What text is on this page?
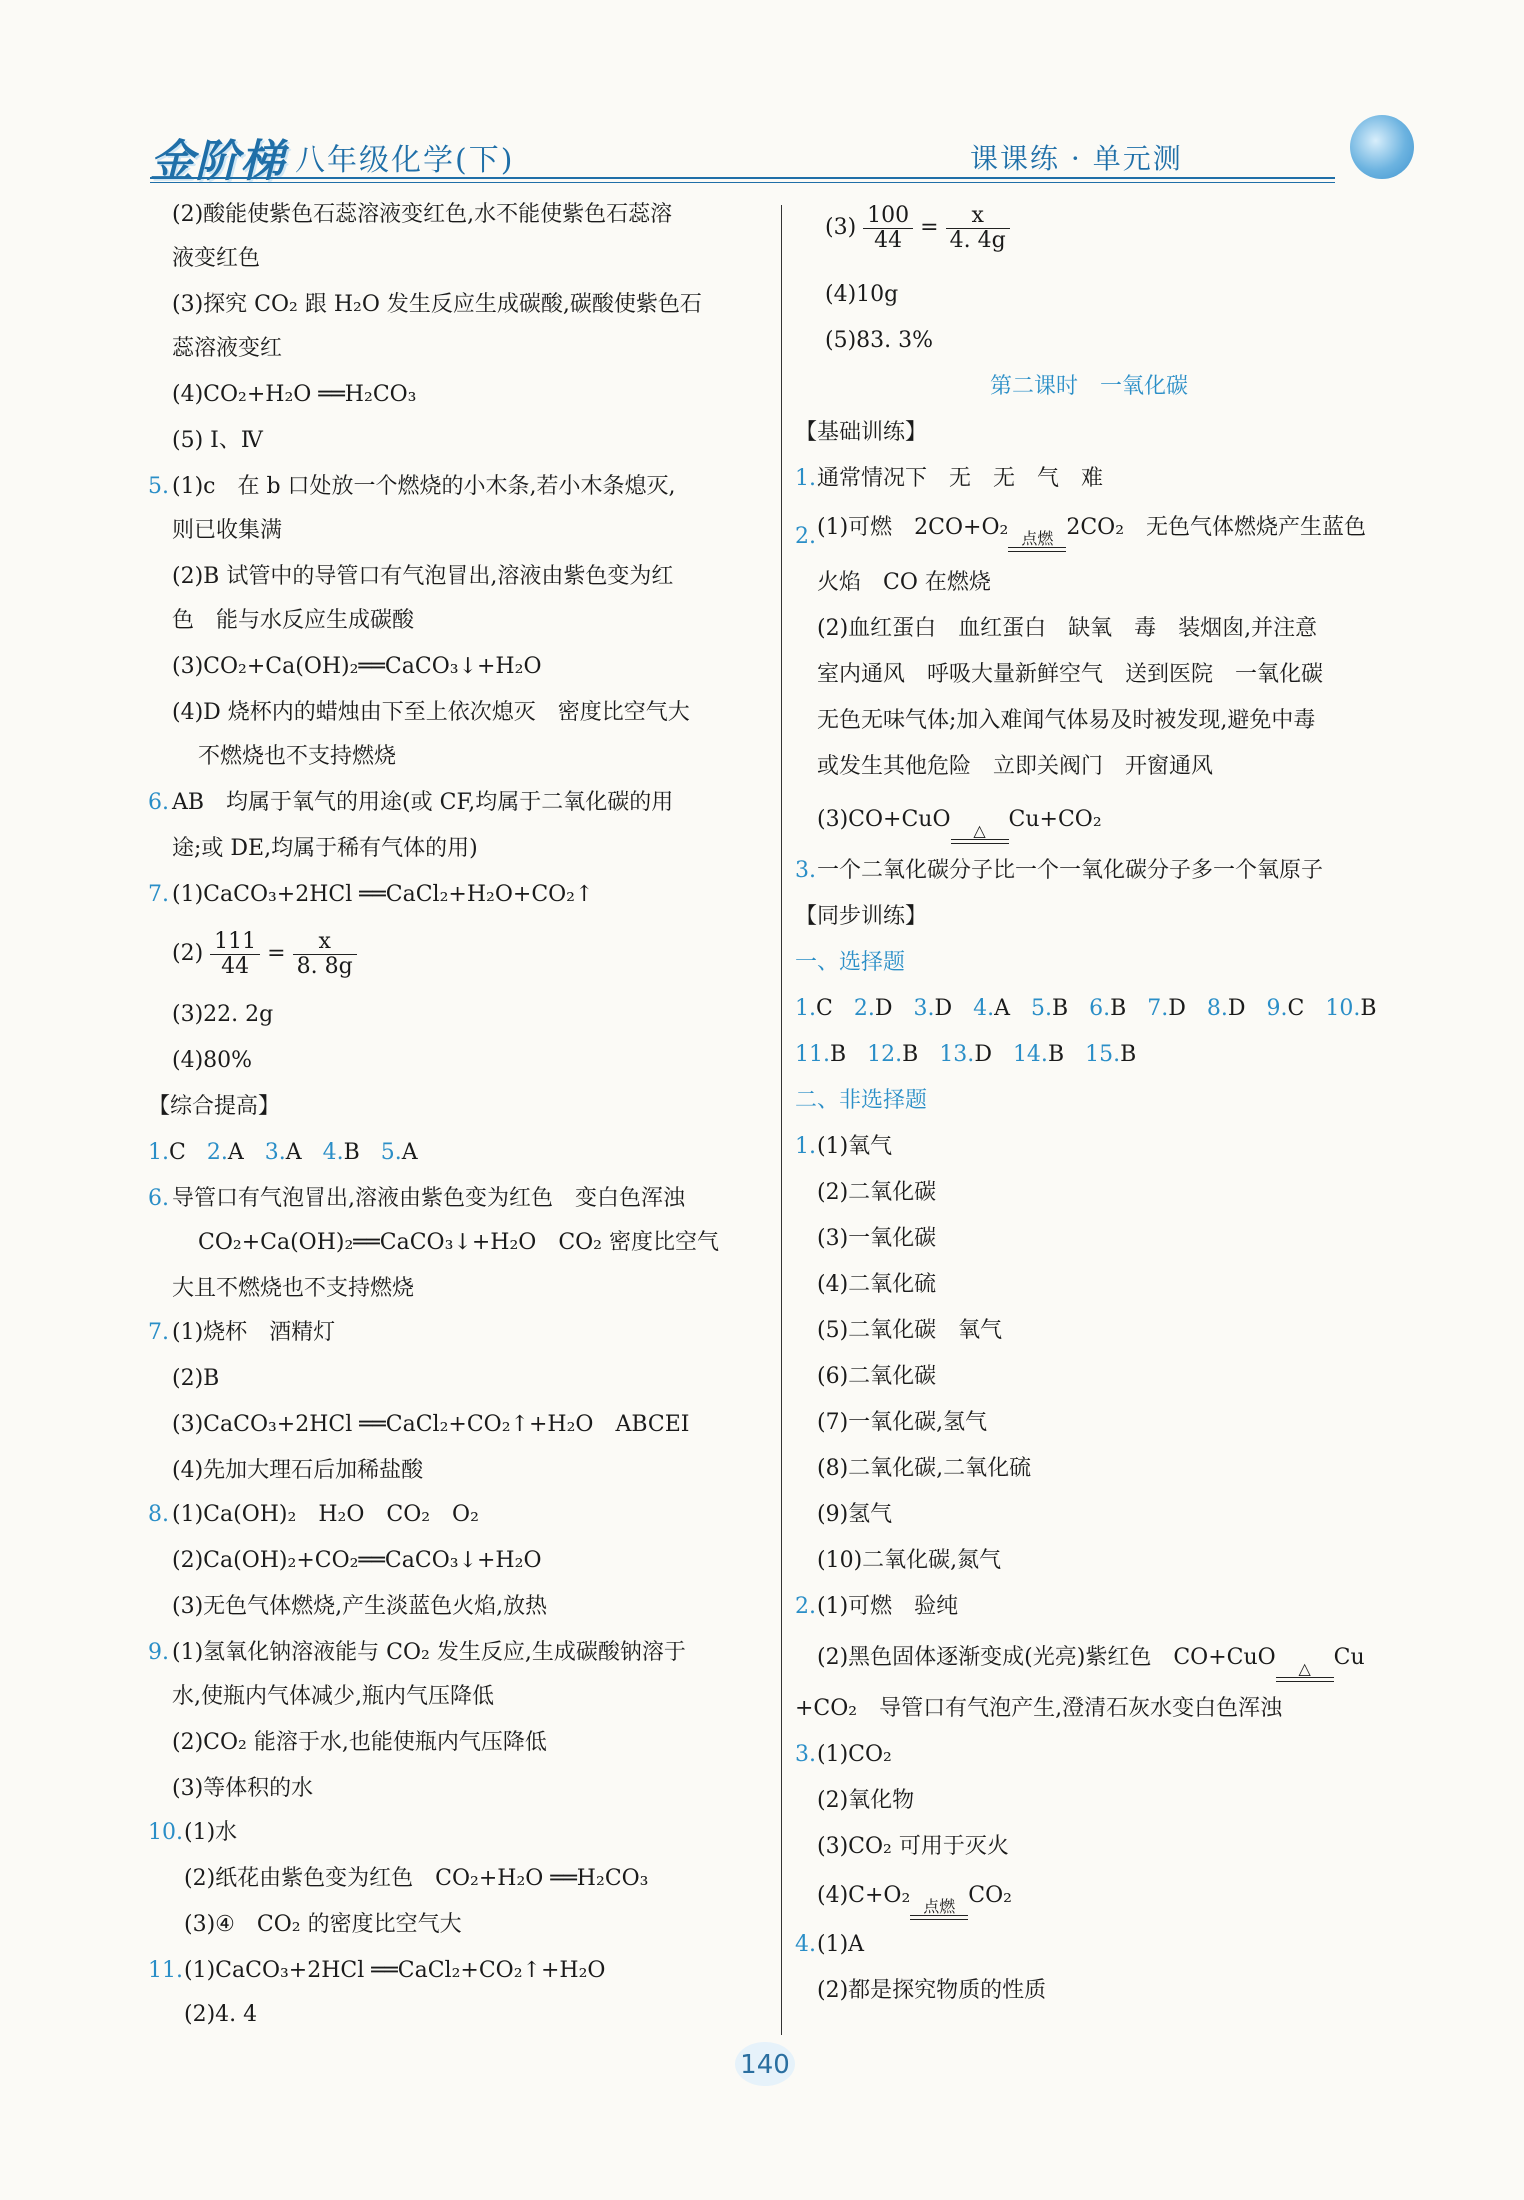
金阶梯 八年级化学(下)	课课练 · 单元测
(2)酸能使紫色石蕊溶液变红色,水不能使紫色石蕊溶
液变红色
(3)探究 CO₂ 跟 H₂O 发生反应生成碳酸,碳酸使紫色石
蕊溶液变红
(4)CO₂+H₂O ══H₂CO₃
(5) Ⅰ、Ⅳ
5. (1)c　在 b 口处放一个燃烧的小木条,若小木条熄灭,
则已收集满
(2)B 试管中的导管口有气泡冒出,溶液由紫色变为红
色　能与水反应生成碳酸
(3)CO₂+Ca(OH)₂══CaCO₃↓+H₂O
(4)D 烧杯内的蜡烛由下至上依次熄灭　密度比空气大
不燃烧也不支持燃烧
6. AB　均属于氧气的用途(或 CF,均属于二氧化碳的用
途;或 DE,均属于稀有气体的用)
7. (1)CaCO₃+2HCl ══CaCl₂+H₂O+CO₂↑
$(2) \frac{111}{44} = \frac{x}{8. 8g}$
(3)22. 2g
(4)80%
【综合提高】
1.C 2.A 3.A 4.B 5.A
6. 导管口有气泡冒出,溶液由紫色变为红色　变白色浑浊
CO₂+Ca(OH)₂══CaCO₃↓+H₂O　CO₂ 密度比空气
大且不燃烧也不支持燃烧
7. (1)烧杯　酒精灯
(2)B
(3)CaCO₃+2HCl ══CaCl₂+CO₂↑+H₂O　ABCEI
(4)先加大理石后加稀盐酸
8. (1)Ca(OH)₂　H₂O　CO₂　O₂
(2)Ca(OH)₂+CO₂══CaCO₃↓+H₂O
(3)无色气体燃烧,产生淡蓝色火焰,放热
9. (1)氢氧化钠溶液能与 CO₂ 发生反应,生成碳酸钠溶于
水,使瓶内气体减少,瓶内气压降低
(2)CO₂ 能溶于水,也能使瓶内气压降低
(3)等体积的水
10. (1)水
(2)纸花由紫色变为红色　CO₂+H₂O ══H₂CO₃
(3)④　CO₂ 的密度比空气大
11. (1)CaCO₃+2HCl ══CaCl₂+CO₂↑+H₂O
(2)4. 4
$(3) \frac{100}{44} = \frac{x}{4. 4g}$
(4)10g
(5)83. 3%
第二课时　一氧化碳
【基础训练】
1. 通常情况下　无　无　气　难
2. (1)可燃　2CO+O₂ 点燃 2CO₂　无色气体燃烧产生蓝色
火焰　CO 在燃烧
(2)血红蛋白　血红蛋白　缺氧　毒　装烟囱,并注意
室内通风　呼吸大量新鲜空气　送到医院　一氧化碳
无色无味气体;加入难闻气体易及时被发现,避免中毒
或发生其他危险　立即关阀门　开窗通风
(3)CO+CuO	△	Cu+CO₂
3. 一个二氧化碳分子比一个一氧化碳分子多一个氧原子
【同步训练】
一、选择题
1.C 2.D 3.D 4.A 5.B 6.B 7.D 8.D 9.C 10.B
11.B 12.B 13.D 14.B 15.B
二、非选择题
1. (1)氧气
(2)二氧化碳
(3)一氧化碳
(4)二氧化硫
(5)二氧化碳　氧气
(6)二氧化碳
(7)一氧化碳,氢气
(8)二氧化碳,二氧化硫
(9)氢气
(10)二氧化碳,氮气
2. (1)可燃　验纯
(2)黑色固体逐渐变成(光亮)紫红色　CO+CuO	△	Cu
+CO₂　导管口有气泡产生,澄清石灰水变白色浑浊
3. (1)CO₂
(2)氧化物
(3)CO₂ 可用于灭火
(4)C+O₂ 点燃 CO₂
4. (1)A
(2)都是探究物质的性质
140
